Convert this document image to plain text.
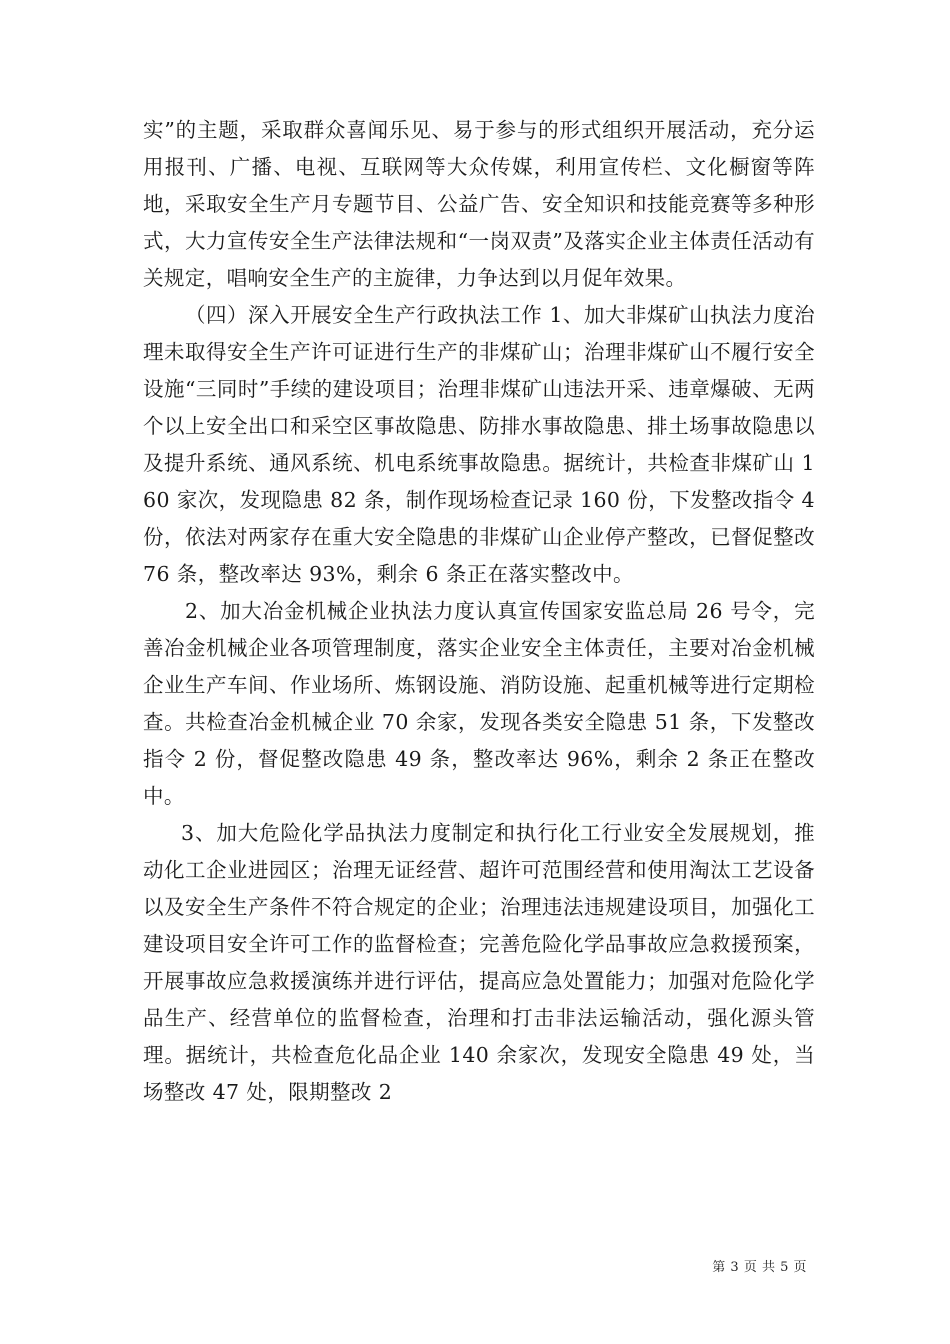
实”的主题，采取群众喜闻乐见、易于参与的形式组织开展活动，充分运用报刊、广播、电视、互联网等大众传媒，利用宣传栏、文化橱窗等阵地，采取安全生产月专题节目、公益广告、安全知识和技能竞赛等多种形式，大力宣传安全生产法律法规和“一岗双责”及落实企业主体责任活动有关规定，唱响安全生产的主旋律，力争达到以月促年效果。

（四）深入开展安全生产行政执法工作 1、加大非煤矿山执法力度治理未取得安全生产许可证进行生产的非煤矿山；治理非煤矿山不履行安全设施“三同时”手续的建设项目；治理非煤矿山违法开采、违章爆破、无两个以上安全出口和采空区事故隐患、防排水事故隐患、排土场事故隐患以及提升系统、通风系统、机电系统事故隐患。据统计，共检查非煤矿山 160 家次，发现隐患 82 条，制作现场检查记录 160 份，下发整改指令 4 份，依法对两家存在重大安全隐患的非煤矿山企业停产整改，已督促整改 76 条，整改率达 93%，剩余 6 条正在落实整改中。

2、加大冶金机械企业执法力度认真宣传国家安监总局 26 号令，完善冶金机械企业各项管理制度，落实企业安全主体责任，主要对冶金机械企业生产车间、作业场所、炼钢设施、消防设施、起重机械等进行定期检查。共检查冶金机械企业 70 余家，发现各类安全隐患 51 条，下发整改指令 2 份，督促整改隐患 49 条，整改率达 96%，剩余 2 条正在整改中。

3、加大危险化学品执法力度制定和执行化工行业安全发展规划，推动化工企业进园区；治理无证经营、超许可范围经营和使用淘汰工艺设备以及安全生产条件不符合规定的企业；治理违法违规建设项目，加强化工建设项目安全许可工作的监督检查；完善危险化学品事故应急救援预案，开展事故应急救援演练并进行评估，提高应急处置能力；加强对危险化学品生产、经营单位的监督检查，治理和打击非法运输活动，强化源头管理。据统计，共检查危化品企业 140 余家次，发现安全隐患 49 处，当场整改 47 处，限期整改 2

第 3 页 共 5 页
